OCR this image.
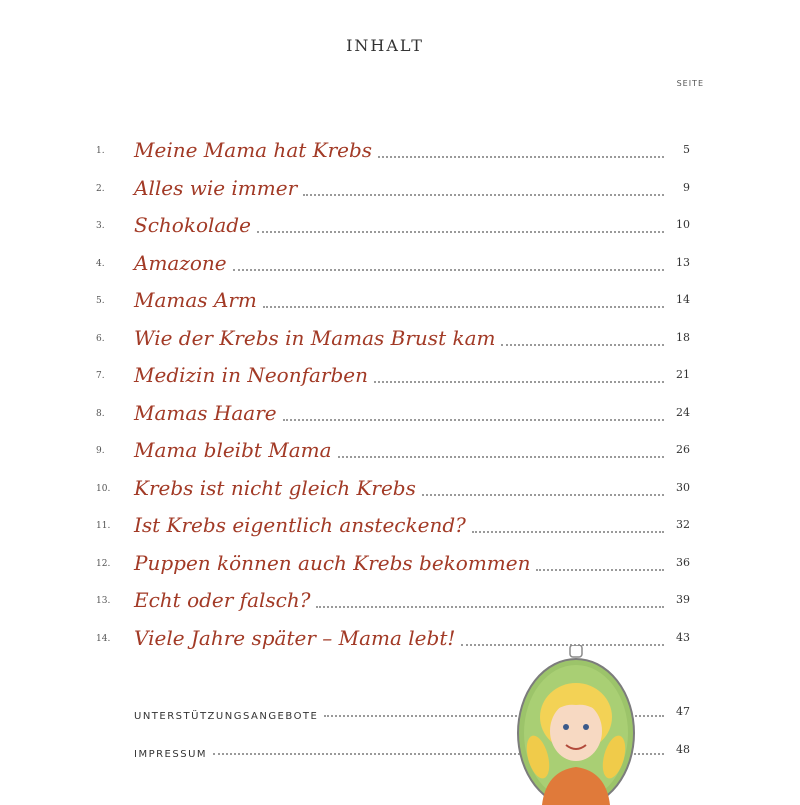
INHALT
SEITE
1. Meine Mama hat Krebs	5
2. Alles wie immer	9
3. Schokolade	10
4. Amazone	13
5. Mamas Arm	14
6. Wie der Krebs in Mamas Brust kam	18
7. Medizin in Neonfarben	21
8. Mamas Haare	24
9. Mama bleibt Mama	26
10. Krebs ist nicht gleich Krebs	30
11. Ist Krebs eigentlich ansteckend?	32
12. Puppen können auch Krebs bekommen	36
13. Echt oder falsch?	39
14. Viele Jahre später – Mama lebt!	43
UNTERSTÜTZUNGSANGEBOTE	47
IMPRESSUM	48
